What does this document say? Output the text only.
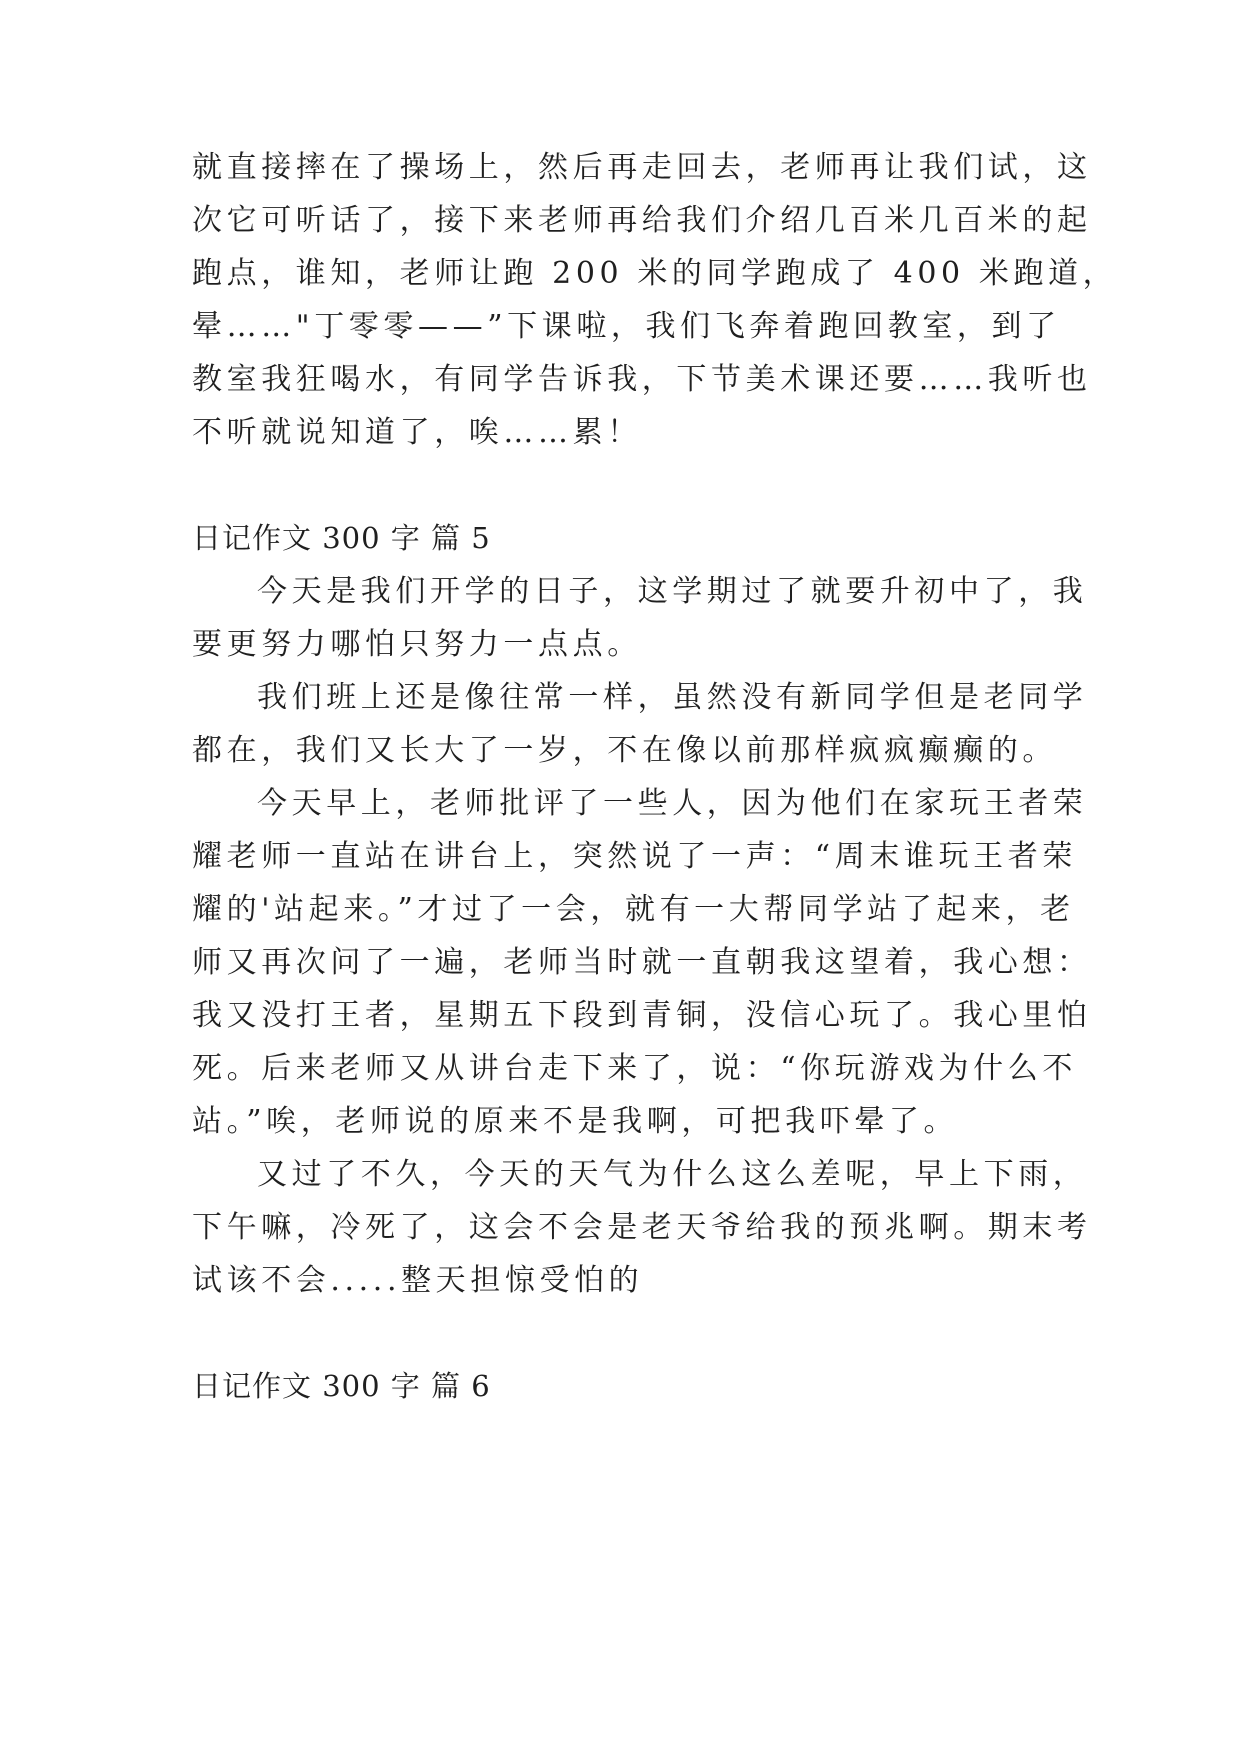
就直接摔在了操场上，然后再走回去，老师再让我们试，这
次它可听话了，接下来老师再给我们介绍几百米几百米的起
跑点，谁知，老师让跑 200 米的同学跑成了 400 米跑道，
晕……"丁零零——”下课啦，我们飞奔着跑回教室，到了
教室我狂喝水，有同学告诉我，下节美术课还要……我听也
不听就说知道了，唉……累！
日记作文 300 字 篇 5
今天是我们开学的日子，这学期过了就要升初中了，我
要更努力哪怕只努力一点点。
我们班上还是像往常一样，虽然没有新同学但是老同学
都在，我们又长大了一岁，不在像以前那样疯疯癫癫的。
今天早上，老师批评了一些人，因为他们在家玩王者荣
耀老师一直站在讲台上，突然说了一声：“周末谁玩王者荣
耀的'站起来。”才过了一会，就有一大帮同学站了起来，老
师又再次问了一遍，老师当时就一直朝我这望着，我心想：
我又没打王者，星期五下段到青铜，没信心玩了。我心里怕
死。后来老师又从讲台走下来了，说：“你玩游戏为什么不
站。”唉，老师说的原来不是我啊，可把我吓晕了。
又过了不久，今天的天气为什么这么差呢，早上下雨，
下午嘛，冷死了，这会不会是老天爷给我的预兆啊。期末考
试该不会.....整天担惊受怕的
日记作文 300 字 篇 6
